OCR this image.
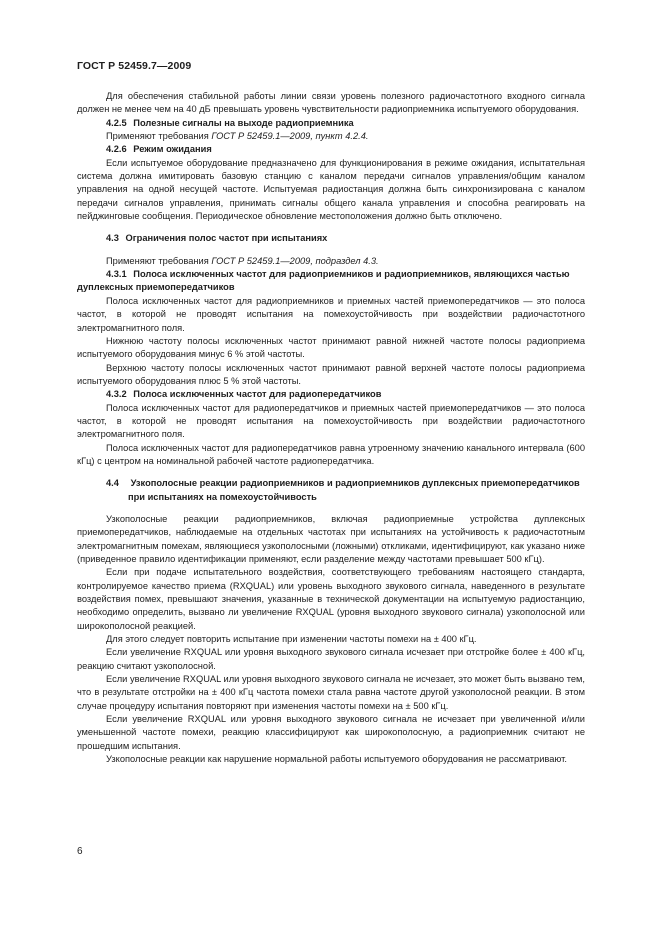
ГОСТ Р 52459.7—2009

Для обеспечения стабильной работы линии связи уровень полезного радиочастотного входного сигнала должен не менее чем на 40 дБ превышать уровень чувствительности радиоприемника испытуемого оборудования.

4.2.5 Полезные сигналы на выходе радиоприемника

Применяют требования ГОСТ Р 52459.1—2009, пункт 4.2.4.

4.2.6 Режим ожидания

Если испытуемое оборудование предназначено для функционирования в режиме ожидания, испытательная система должна имитировать базовую станцию с каналом передачи сигналов управления/общим каналом управления на одной несущей частоте. Испытуемая радиостанция должна быть синхронизирована с каналом передачи сигналов управления, принимать сигналы общего канала управления и способна реагировать на пейджинговые сообщения. Периодическое обновление местоположения должно быть отключено.

4.3 Ограничения полос частот при испытаниях

Применяют требования ГОСТ Р 52459.1—2009, подраздел 4.3.

4.3.1 Полоса исключенных частот для радиоприемников и радиоприемников, являющихся частью дуплексных приемопередатчиков

Полоса исключенных частот для радиоприемников и приемных частей приемопередатчиков — это полоса частот, в которой не проводят испытания на помехоустойчивость при воздействии радиочастотного электромагнитного поля.

Нижнюю частоту полосы исключенных частот принимают равной нижней частоте полосы радиоприема испытуемого оборудования минус 6 % этой частоты.

Верхнюю частоту полосы исключенных частот принимают равной верхней частоте полосы радиоприема испытуемого оборудования плюс 5 % этой частоты.

4.3.2 Полоса исключенных частот для радиопередатчиков

Полоса исключенных частот для радиопередатчиков и приемных частей приемопередатчиков — это полоса частот, в которой не проводят испытания на помехоустойчивость при воздействии радиочастотного электромагнитного поля.

Полоса исключенных частот для радиопередатчиков равна утроенному значению канального интервала (600 кГц) с центром на номинальной рабочей частоте радиопередатчика.

4.4 Узкополосные реакции радиоприемников и радиоприемников дуплексных приемопередатчиков при испытаниях на помехоустойчивость

Узкополосные реакции радиоприемников, включая радиоприемные устройства дуплексных приемопередатчиков, наблюдаемые на отдельных частотах при испытаниях на устойчивость к радиочастотным электромагнитным помехам, являющиеся узкополосными (ложными) откликами, идентифицируют, как указано ниже (приведенное правило идентификации применяют, если разделение между частотами превышает 500 кГц).

Если при подаче испытательного воздействия, соответствующего требованиям настоящего стандарта, контролируемое качество приема (RXQUAL) или уровень выходного звукового сигнала, наведенного в результате воздействия помех, превышают значения, указанные в технической документации на испытуемую радиостанцию, необходимо определить, вызвано ли увеличение RXQUAL (уровня выходного звукового сигнала) узкополосной или широкополосной реакцией.

Для этого следует повторить испытание при изменении частоты помехи на ± 400 кГц.

Если увеличение RXQUAL или уровня выходного звукового сигнала исчезает при отстройке более ± 400 кГц, реакцию считают узкополосной.

Если увеличение RXQUAL или уровня выходного звукового сигнала не исчезает, это может быть вызвано тем, что в результате отстройки на ± 400 кГц частота помехи стала равна частоте другой узкополосной реакции. В этом случае процедуру испытания повторяют при изменения частоты помехи на ± 500 кГц.

Если увеличение RXQUAL или уровня выходного звукового сигнала не исчезает при увеличенной и/или уменьшенной частоте помехи, реакцию классифицируют как широкополосную, а радиоприемник считают не прошедшим испытания.

Узкополосные реакции как нарушение нормальной работы испытуемого оборудования не рассматривают.

6
